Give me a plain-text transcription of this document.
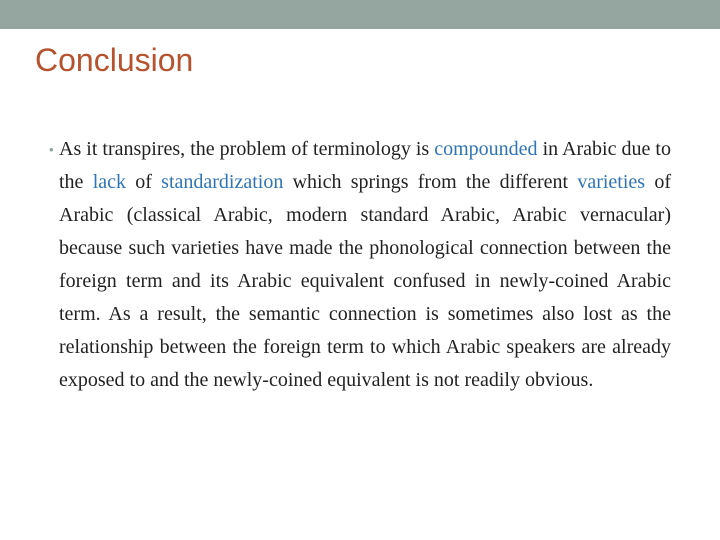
Conclusion
• As it transpires, the problem of terminology is compounded in Arabic due to the lack of standardization which springs from the different varieties of Arabic (classical Arabic, modern standard Arabic, Arabic vernacular) because such varieties have made the phonological connection between the foreign term and its Arabic equivalent confused in newly-coined Arabic term. As a result, the semantic connection is sometimes also lost as the relationship between the foreign term to which Arabic speakers are already exposed to and the newly-coined equivalent is not readily obvious.
